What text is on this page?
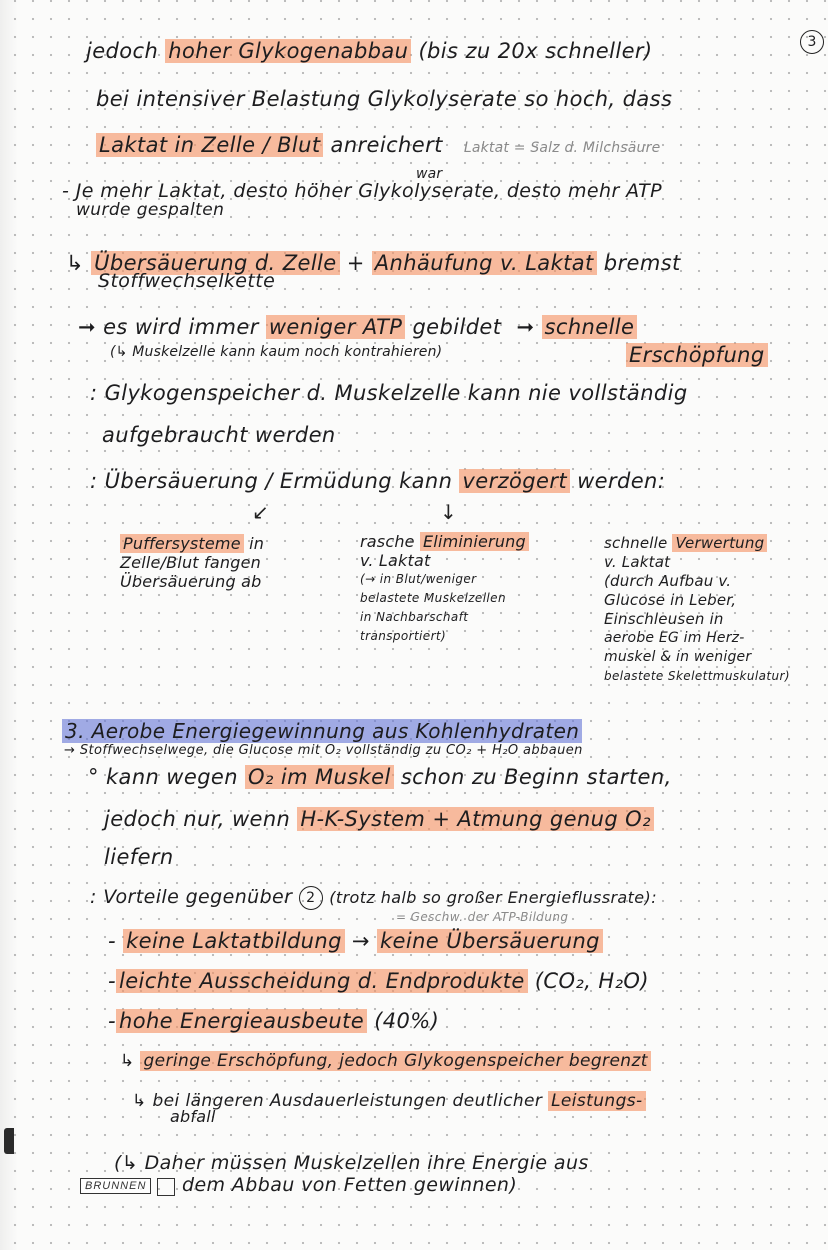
3
jedoch hoher Glykogenabbau (bis zu 20x schneller)
bei intensiver Belastung Glykolyserate so hoch, dass
Laktat in Zelle / Blut anreichert Laktat = Salz d. Milchsäure
war
- Je mehr Laktat, desto höher Glykolyserate, desto mehr ATP
wurde gespalten
↳ Übersäuerung d. Zelle + Anhäufung v. Laktat bremst
Stoffwechselkette
➞ es wird immer weniger ATP gebildet ➞ schnelle
(↳ Muskelzelle kann kaum noch kontrahieren)	Erschöpfung
: Glykogenspeicher d. Muskelzelle kann nie vollständig
aufgebraucht werden
: Übersäuerung / Ermüdung kann verzögert werden:
↙	↓
Puffersysteme in
Zelle/Blut fangen
Übersäuerung ab
rasche Eliminierung
v. Laktat
(→ in Blut/weniger
belastete Muskelzellen
in Nachbarschaft
transportiert)
schnelle Verwertung
v. Laktat
(durch Aufbau v.
Glucose in Leber,
Einschleusen in
aerobe EG im Herz-
muskel & in weniger
belastete Skelettmuskulatur)
3. Aerobe Energiegewinnung aus Kohlenhydraten
→ Stoffwechselwege, die Glucose mit O₂ vollständig zu CO₂ + H₂O abbauen
° kann wegen O₂ im Muskel schon zu Beginn starten,
jedoch nur, wenn H-K-System + Atmung genug O₂
liefern
: Vorteile gegenüber 2 (trotz halb so großer Energieflussrate):
= Geschw. der ATP-Bildung
- keine Laktatbildung → keine Übersäuerung
- leichte Ausscheidung d. Endprodukte (CO₂, H₂O)
- hohe Energieausbeute (40%)
↳ geringe Erschöpfung, jedoch Glykogenspeicher begrenzt
↳ bei längeren Ausdauerleistungen deutlicher Leistungs-
abfall
(↳ Daher müssen Muskelzellen ihre Energie aus
dem Abbau von Fetten gewinnen)
BRUNNEN
